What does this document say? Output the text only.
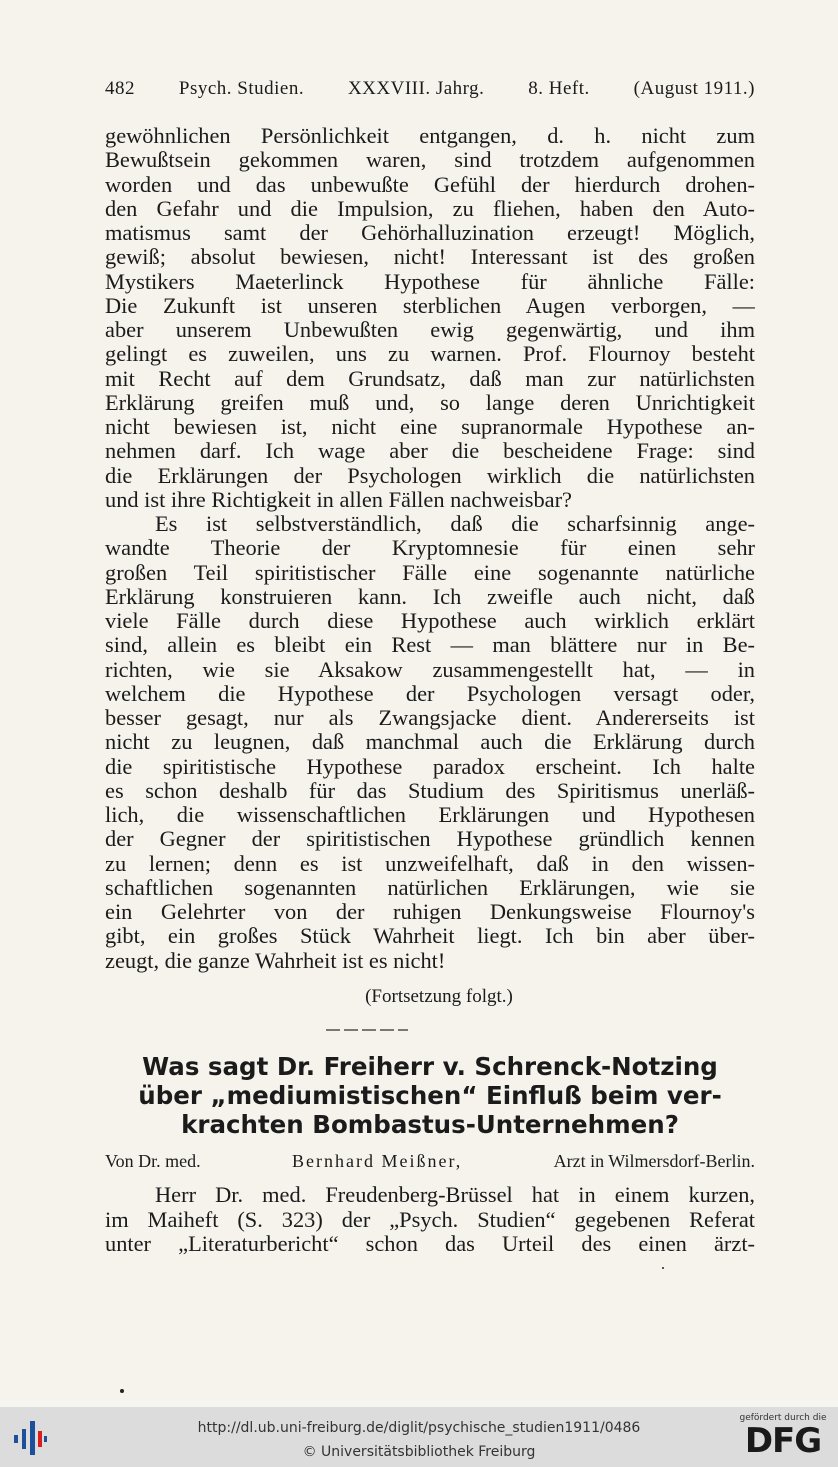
482 Psych. Studien. XXXVIII. Jahrg. 8. Heft. (August 1911.)

gewöhnlichen Persönlichkeit entgangen, d. h. nicht zum
Bewußtsein gekommen waren, sind trotzdem aufgenommen
worden und das unbewußte Gefühl der hierdurch drohen-
den Gefahr und die Impulsion, zu fliehen, haben den Auto-
matismus samt der Gehörhalluzination erzeugt! Möglich,
gewiß; absolut bewiesen, nicht! Interessant ist des großen
Mystikers Maeterlinck Hypothese für ähnliche Fälle:
Die Zukunft ist unseren sterblichen Augen verborgen, —
aber unserem Unbewußten ewig gegenwärtig, und ihm
gelingt es zuweilen, uns zu warnen. Prof. Flournoy besteht
mit Recht auf dem Grundsatz, daß man zur natürlichsten
Erklärung greifen muß und, so lange deren Unrichtigkeit
nicht bewiesen ist, nicht eine supranormale Hypothese an-
nehmen darf. Ich wage aber die bescheidene Frage: sind
die Erklärungen der Psychologen wirklich die natürlichsten
und ist ihre Richtigkeit in allen Fällen nachweisbar?

Es ist selbstverständlich, daß die scharfsinnig ange-
wandte Theorie der Kryptomnesie für einen sehr
großen Teil spiritistischer Fälle eine sogenannte natürliche
Erklärung konstruieren kann. Ich zweifle auch nicht, daß
viele Fälle durch diese Hypothese auch wirklich erklärt
sind, allein es bleibt ein Rest — man blättere nur in Be-
richten, wie sie Aksakow zusammengestellt hat, — in
welchem die Hypothese der Psychologen versagt oder,
besser gesagt, nur als Zwangsjacke dient. Andererseits ist
nicht zu leugnen, daß manchmal auch die Erklärung durch
die spiritistische Hypothese paradox erscheint. Ich halte
es schon deshalb für das Studium des Spiritismus unerläß-
lich, die wissenschaftlichen Erklärungen und Hypothesen
der Gegner der spiritistischen Hypothese gründlich kennen
zu lernen; denn es ist unzweifelhaft, daß in den wissen-
schaftlichen sogenannten natürlichen Erklärungen, wie sie
ein Gelehrter von der ruhigen Denkungsweise Flournoy's
gibt, ein großes Stück Wahrheit liegt. Ich bin aber über-
zeugt, die ganze Wahrheit ist es nicht!

(Fortsetzung folgt.)
Was sagt Dr. Freiherr v. Schrenck-Notzing
über „mediumistischen“ Einfluß beim ver-
krachten Bombastus-Unternehmen?
Von Dr. med.	Bernhard Meißner,	Arzt in Wilmersdorf-Berlin.
Herr Dr. med. Freudenberg-Brüssel hat in einem kurzen,
im Maiheft (S. 323) der „Psych. Studien“ gegebenen Referat
unter „Literaturbericht“ schon das Urteil des einen ärzt-
http://dl.ub.uni-freiburg.de/diglit/psychische_studien1911/0486
© Universitätsbibliothek Freiburg
gefördert durch die
DFG
